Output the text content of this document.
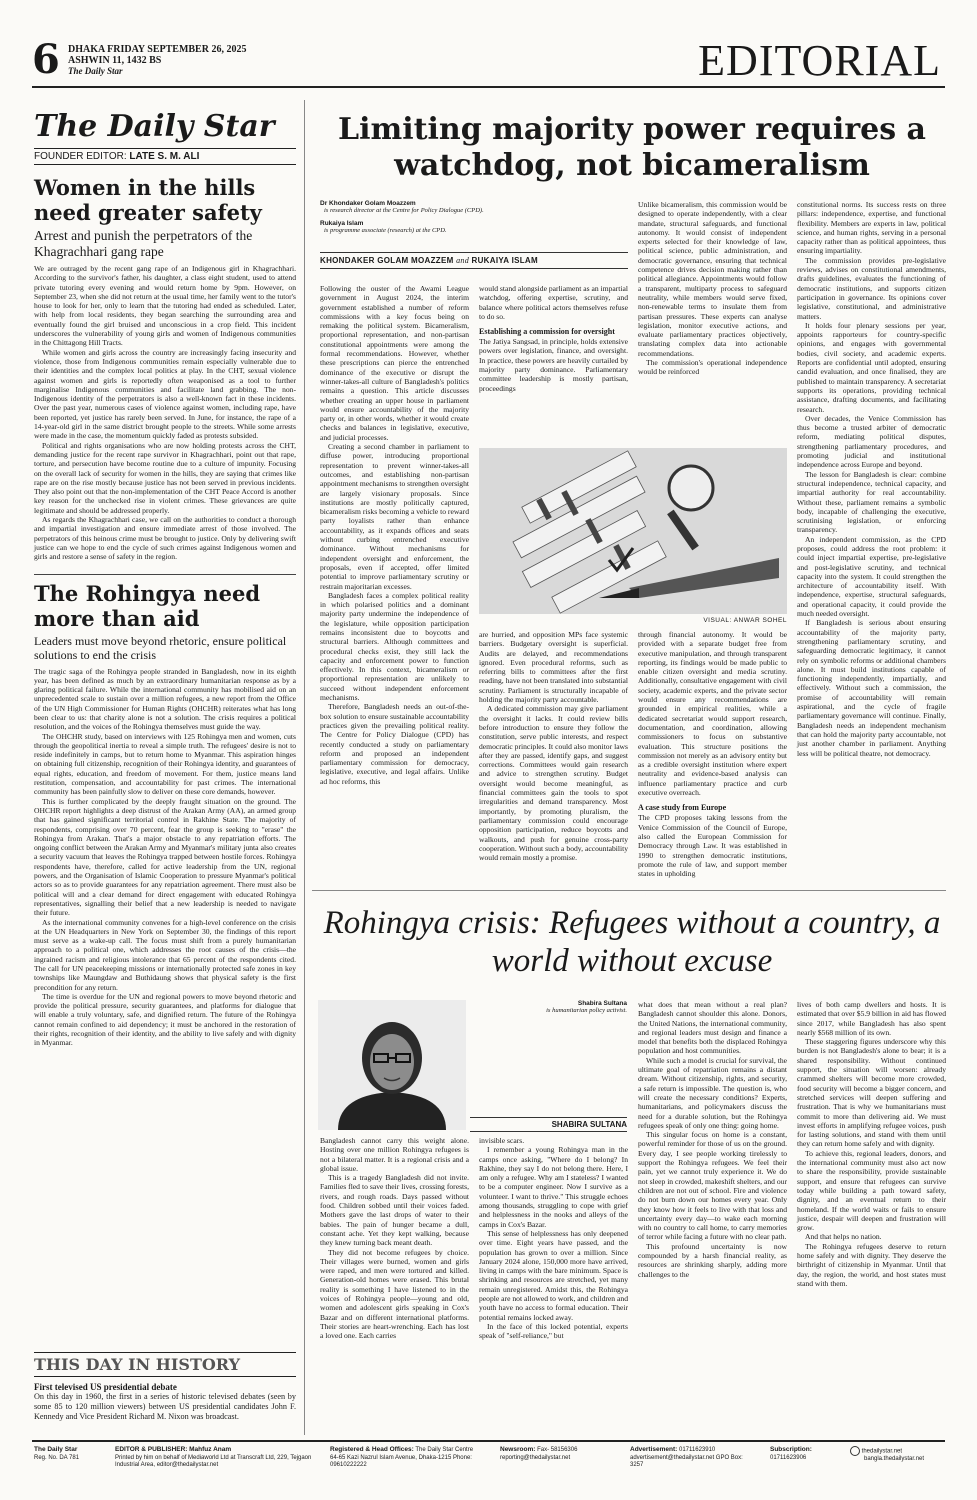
6 DHAKA FRIDAY SEPTEMBER 26, 2025
ASHWIN 11, 1432 BS
The Daily Star	EDITORIAL
The Daily Star
FOUNDER EDITOR: LATE S. M. ALI
Women in the hills need greater safety
Arrest and punish the perpetrators of the Khagrachhari gang rape

We are outraged by the recent gang rape of an Indigenous girl in Khagrachhari. According to the survivor's father, his daughter, a class eight student, used to attend private tutoring every evening and would return home by 9pm. However, on September 23, when she did not return at the usual time, her family went to the tutor's house to look for her, only to learn that the tutoring had ended as scheduled. Later, with help from local residents, they began searching the surrounding area and eventually found the girl bruised and unconscious in a crop field. This incident underscores the vulnerability of young girls and women of Indigenous communities in the Chittagong Hill Tracts.

While women and girls across the country are increasingly facing insecurity and violence, those from Indigenous communities remain especially vulnerable due to their identities and the complex local politics at play. In the CHT, sexual violence against women and girls is reportedly often weaponised as a tool to further marginalise Indigenous communities and facilitate land grabbing. The non-Indigenous identity of the perpetrators is also a well-known fact in these incidents. Over the past year, numerous cases of violence against women, including rape, have been reported, yet justice has rarely been served. In June, for instance, the rape of a 14-year-old girl in the same district brought people to the streets. While some arrests were made in the case, the momentum quickly faded as protests subsided.

Political and rights organisations who are now holding protests across the CHT, demanding justice for the recent rape survivor in Khagrachhari, point out that rape, torture, and persecution have become routine due to a culture of impunity. Focusing on the overall lack of security for women in the hills, they are saying that crimes like rape are on the rise mostly because justice has not been served in previous incidents. They also point out that the non-implementation of the CHT Peace Accord is another key reason for the unchecked rise in violent crimes. These grievances are quite legitimate and should be addressed properly.

As regards the Khagrachhari case, we call on the authorities to conduct a thorough and impartial investigation and ensure immediate arrest of those involved. The perpetrators of this heinous crime must be brought to justice. Only by delivering swift justice can we hope to end the cycle of such crimes against Indigenous women and girls and restore a sense of safety in the region.

The Rohingya need more than aid
Leaders must move beyond rhetoric, ensure political solutions to end the crisis

The tragic saga of the Rohingya people stranded in Bangladesh, now in its eighth year, has been defined as much by an extraordinary humanitarian response as by a glaring political failure. While the international community has mobilised aid on an unprecedented scale to sustain over a million refugees, a new report from the Office of the UN High Commissioner for Human Rights (OHCHR) reiterates what has long been clear to us: that charity alone is not a solution. The crisis requires a political resolution, and the voices of the Rohingya themselves must guide the way.

The OHCHR study, based on interviews with 125 Rohingya men and women, cuts through the geopolitical inertia to reveal a simple truth. The refugees' desire is not to reside indefinitely in camps, but to return home to Myanmar. This aspiration hinges on obtaining full citizenship, recognition of their Rohingya identity, and guarantees of equal rights, education, and freedom of movement. For them, justice means land restitution, compensation, and accountability for past crimes. The international community has been painfully slow to deliver on these core demands, however.

This is further complicated by the deeply fraught situation on the ground. The OHCHR report highlights a deep distrust of the Arakan Army (AA), an armed group that has gained significant territorial control in Rakhine State. The majority of respondents, comprising over 70 percent, fear the group is seeking to "erase" the Rohingya from Arakan. That's a major obstacle to any repatriation efforts. The ongoing conflict between the Arakan Army and Myanmar's military junta also creates a security vacuum that leaves the Rohingya trapped between hostile forces. Rohingya respondents have, therefore, called for active leadership from the UN, regional powers, and the Organisation of Islamic Cooperation to pressure Myanmar's political actors so as to provide guarantees for any repatriation agreement. There must also be political will and a clear demand for direct engagement with educated Rohingya representatives, signalling their belief that a new leadership is needed to navigate their future.

As the international community convenes for a high-level conference on the crisis at the UN Headquarters in New York on September 30, the findings of this report must serve as a wake-up call. The focus must shift from a purely humanitarian approach to a political one, which addresses the root causes of the crisis—the ingrained racism and religious intolerance that 65 percent of the respondents cited. The call for UN peacekeeping missions or internationally protected safe zones in key townships like Maungdaw and Buthidaung shows that physical safety is the first precondition for any return.

The time is overdue for the UN and regional powers to move beyond rhetoric and provide the political pressure, security guarantees, and platforms for dialogue that will enable a truly voluntary, safe, and dignified return. The future of the Rohingya cannot remain confined to aid dependency; it must be anchored in the restoration of their rights, recognition of their identity, and the ability to live safely and with dignity in Myanmar.

THIS DAY IN HISTORY
First televised US presidential debate

On this day in 1960, the first in a series of historic televised debates (seen by some 85 to 120 million viewers) between US presidential candidates John F. Kennedy and Vice President Richard M. Nixon was broadcast.

Limiting majority power requires a watchdog, not bicameralism
Dr Khondaker Golam Moazzem
is research director at the Centre for Policy Dialogue (CPD).
Rukaiya Islam
is programme associate (research) at the CPD.
KHONDAKER GOLAM MOAZZEM and RUKAIYA ISLAM

Following the ouster of the Awami League government in August 2024, the interim government established a number of reform commissions with a key focus being on remaking the political system. Bicameralism, proportional representation, and non-partisan constitutional appointments were among the formal recommendations. However, whether these prescriptions can pierce the entrenched dominance of the executive or disrupt the winner-takes-all culture of Bangladesh's politics remains a question. This article discusses whether creating an upper house in parliament would ensure accountability of the majority party or, in other words, whether it would create checks and balances in legislative, executive, and judicial processes.

Creating a second chamber in parliament to diffuse power, introducing proportional representation to prevent winner-takes-all outcomes, and establishing non-partisan appointment mechanisms to strengthen oversight are largely visionary proposals. Since institutions are mostly politically captured, bicameralism risks becoming a vehicle to reward party loyalists rather than enhance accountability, as it expands offices and seats without curbing entrenched executive dominance. Without mechanisms for independent oversight and enforcement, the proposals, even if accepted, offer limited potential to improve parliamentary scrutiny or restrain majoritarian excesses.

Bangladesh faces a complex political reality in which polarised politics and a dominant majority party undermine the independence of the legislature, while opposition participation remains inconsistent due to boycotts and structural barriers. Although committees and procedural checks exist, they still lack the capacity and enforcement power to function effectively. In this context, bicameralism or proportional representation are unlikely to succeed without independent enforcement mechanisms.

Therefore, Bangladesh needs an out-of-the-box solution to ensure sustainable accountability practices given the prevailing political reality. The Centre for Policy Dialogue (CPD) has recently conducted a study on parliamentary reform and proposed an independent parliamentary commission for democracy, legislative, executive, and legal affairs. Unlike ad hoc reforms, this

would stand alongside parliament as an impartial watchdog, offering expertise, scrutiny, and balance where political actors themselves refuse to do so.

Establishing a commission for oversight

The Jatiya Sangsad, in principle, holds extensive powers over legislation, finance, and oversight. In practice, these powers are heavily curtailed by majority party dominance. Parliamentary committee leadership is mostly partisan, proceedings

Unlike bicameralism, this commission would be designed to operate independently, with a clear mandate, structural safeguards, and functional autonomy. It would consist of independent experts selected for their knowledge of law, political science, public administration, and democratic governance, ensuring that technical competence drives decision making rather than political allegiance. Appointments would follow a transparent, multiparty process to safeguard neutrality, while members would serve fixed, non-renewable terms to insulate them from partisan pressures. These experts can analyse legislation, monitor executive actions, and evaluate parliamentary practices objectively, translating complex data into actionable recommendations.

The commission's operational independence would be reinforced

VISUAL: ANWAR SOHEL

are hurried, and opposition MPs face systemic barriers. Budgetary oversight is superficial. Audits are delayed, and recommendations ignored. Even procedural reforms, such as referring bills to committees after the first reading, have not been translated into substantial scrutiny. Parliament is structurally incapable of holding the majority party accountable.

A dedicated commission may give parliament the oversight it lacks. It could review bills before introduction to ensure they follow the constitution, serve public interests, and respect democratic principles. It could also monitor laws after they are passed, identify gaps, and suggest corrections. Committees would gain research and advice to strengthen scrutiny. Budget oversight would become meaningful, as financial committees gain the tools to spot irregularities and demand transparency. Most importantly, by promoting pluralism, the parliamentary commission could encourage opposition participation, reduce boycotts and walkouts, and push for genuine cross-party cooperation. Without such a body, accountability would remain mostly a promise.

through financial autonomy. It would be provided with a separate budget free from executive manipulation, and through transparent reporting, its findings would be made public to enable citizen oversight and media scrutiny. Additionally, consultative engagement with civil society, academic experts, and the private sector would ensure any recommendations are grounded in empirical realities, while a dedicated secretariat would support research, documentation, and coordination, allowing commissioners to focus on substantive evaluation. This structure positions the commission not merely as an advisory entity but as a credible oversight institution where expert neutrality and evidence-based analysis can influence parliamentary practice and curb executive overreach.

A case study from Europe

The CPD proposes taking lessons from the Venice Commission of the Council of Europe, also called the European Commission for Democracy through Law. It was established in 1990 to strengthen democratic institutions, promote the rule of law, and support member states in upholding

constitutional norms. Its success rests on three pillars: independence, expertise, and functional flexibility. Members are experts in law, political science, and human rights, serving in a personal capacity rather than as political appointees, thus ensuring impartiality.

The commission provides pre-legislative reviews, advises on constitutional amendments, drafts guidelines, evaluates the functioning of democratic institutions, and supports citizen participation in governance. Its opinions cover legislative, constitutional, and administrative matters.

It holds four plenary sessions per year, appoints rapporteurs for country-specific opinions, and engages with governmental bodies, civil society, and academic experts. Reports are confidential until adopted, ensuring candid evaluation, and once finalised, they are published to maintain transparency. A secretariat supports its operations, providing technical assistance, drafting documents, and facilitating research.

Over decades, the Venice Commission has thus become a trusted arbiter of democratic reform, mediating political disputes, strengthening parliamentary procedures, and promoting judicial and institutional independence across Europe and beyond.

The lesson for Bangladesh is clear: combine structural independence, technical capacity, and impartial authority for real accountability. Without these, parliament remains a symbolic body, incapable of challenging the executive, scrutinising legislation, or enforcing transparency.

An independent commission, as the CPD proposes, could address the root problem: it could inject impartial expertise, pre-legislative and post-legislative scrutiny, and technical capacity into the system. It could strengthen the architecture of accountability itself. With independence, expertise, structural safeguards, and operational capacity, it could provide the much needed oversight.

If Bangladesh is serious about ensuring accountability of the majority party, strengthening parliamentary scrutiny, and safeguarding democratic legitimacy, it cannot rely on symbolic reforms or additional chambers alone. It must build institutions capable of functioning independently, impartially, and effectively. Without such a commission, the promise of accountability will remain aspirational, and the cycle of fragile parliamentary governance will continue. Finally, Bangladesh needs an independent mechanism that can hold the majority party accountable, not just another chamber in parliament. Anything less will be political theatre, not democracy.

Rohingya crisis: Refugees without a country, a world without excuse
Shabira Sultana
is humanitarian policy activist.
SHABIRA SULTANA

Bangladesh cannot carry this weight alone. Hosting over one million Rohingya refugees is not a bilateral matter. It is a regional crisis and a global issue.

This is a tragedy Bangladesh did not invite. Families fled to save their lives, crossing forests, rivers, and rough roads. Days passed without food. Children sobbed until their voices faded. Mothers gave the last drops of water to their babies. The pain of hunger became a dull, constant ache. Yet they kept walking, because they knew turning back meant death.

They did not become refugees by choice. Their villages were burned, women and girls were raped, and men were tortured and killed. Generation-old homes were erased. This brutal reality is something I have listened to in the voices of Rohingya people—young and old, women and adolescent girls speaking in Cox's Bazar and on different international platforms. Their stories are heart-wrenching. Each has lost a loved one. Each carries

invisible scars.

I remember a young Rohingya man in the camps once asking, "Where do I belong? In Rakhine, they say I do not belong there. Here, I am only a refugee. Why am I stateless? I wanted to be a computer engineer. Now I survive as a volunteer. I want to thrive." This struggle echoes among thousands, struggling to cope with grief and helplessness in the nooks and alleys of the camps in Cox's Bazar.

This sense of helplessness has only deepened over time. Eight years have passed, and the population has grown to over a million. Since January 2024 alone, 150,000 more have arrived, living in camps with the bare minimum. Space is shrinking and resources are stretched, yet many remain unregistered. Amidst this, the Rohingya people are not allowed to work, and children and youth have no access to formal education. Their potential remains locked away.

In the face of this locked potential, experts speak of "self-reliance," but

what does that mean without a real plan? Bangladesh cannot shoulder this alone. Donors, the United Nations, the international community, and regional leaders must design and finance a model that benefits both the displaced Rohingya population and host communities.

While such a model is crucial for survival, the ultimate goal of repatriation remains a distant dream. Without citizenship, rights, and security, a safe return is impossible. The question is, who will create the necessary conditions? Experts, humanitarians, and policymakers discuss the need for a durable solution, but the Rohingya refugees speak of only one thing: going home.

This singular focus on home is a constant, powerful reminder for those of us on the ground. Every day, I see people working tirelessly to support the Rohingya refugees. We feel their pain, yet we cannot truly experience it. We do not sleep in crowded, makeshift shelters, and our children are not out of school. Fire and violence do not burn down our homes every year. Only they know how it feels to live with that loss and uncertainty every day—to wake each morning with no country to call home, to carry memories of terror while facing a future with no clear path.

This profound uncertainty is now compounded by a harsh financial reality, as resources are shrinking sharply, adding more challenges to the

lives of both camp dwellers and hosts. It is estimated that over $5.9 billion in aid has flowed since 2017, while Bangladesh has also spent nearly $568 million of its own.

These staggering figures underscore why this burden is not Bangladesh's alone to bear; it is a shared responsibility. Without continued support, the situation will worsen: already crammed shelters will become more crowded, food security will become a bigger concern, and stretched services will deepen suffering and frustration. That is why we humanitarians must commit to more than delivering aid. We must invest efforts in amplifying refugee voices, push for lasting solutions, and stand with them until they can return home safely and with dignity.

To achieve this, regional leaders, donors, and the international community must also act now to share the responsibility, provide sustainable support, and ensure that refugees can survive today while building a path toward safety, dignity, and an eventual return to their homeland. If the world waits or fails to ensure justice, despair will deepen and frustration will grow.

And that helps no nation.

The Rohingya refugees deserve to return home safely and with dignity. They deserve the birthright of citizenship in Myanmar. Until that day, the region, the world, and host states must stand with them.

The Daily Star
Reg. No. DA 781
EDITOR & PUBLISHER: Mahfuz Anam
Printed by him on behalf of Mediaworld Ltd at Transcraft Ltd, 229, Tejgaon Industrial Area, editor@thedailystar.net
Registered & Head Offices: The Daily Star Centre 64-65 Kazi Nazrul Islam Avenue, Dhaka-1215 Phone: 09610222222
Newsroom: Fax- 58156306 reporting@thedailystar.net
Advertisement: 01711623910 advertisement@thedailystar.net GPO Box: 3257
Subscription:
01711623906
thedailystar.net
bangla.thedailystar.net
